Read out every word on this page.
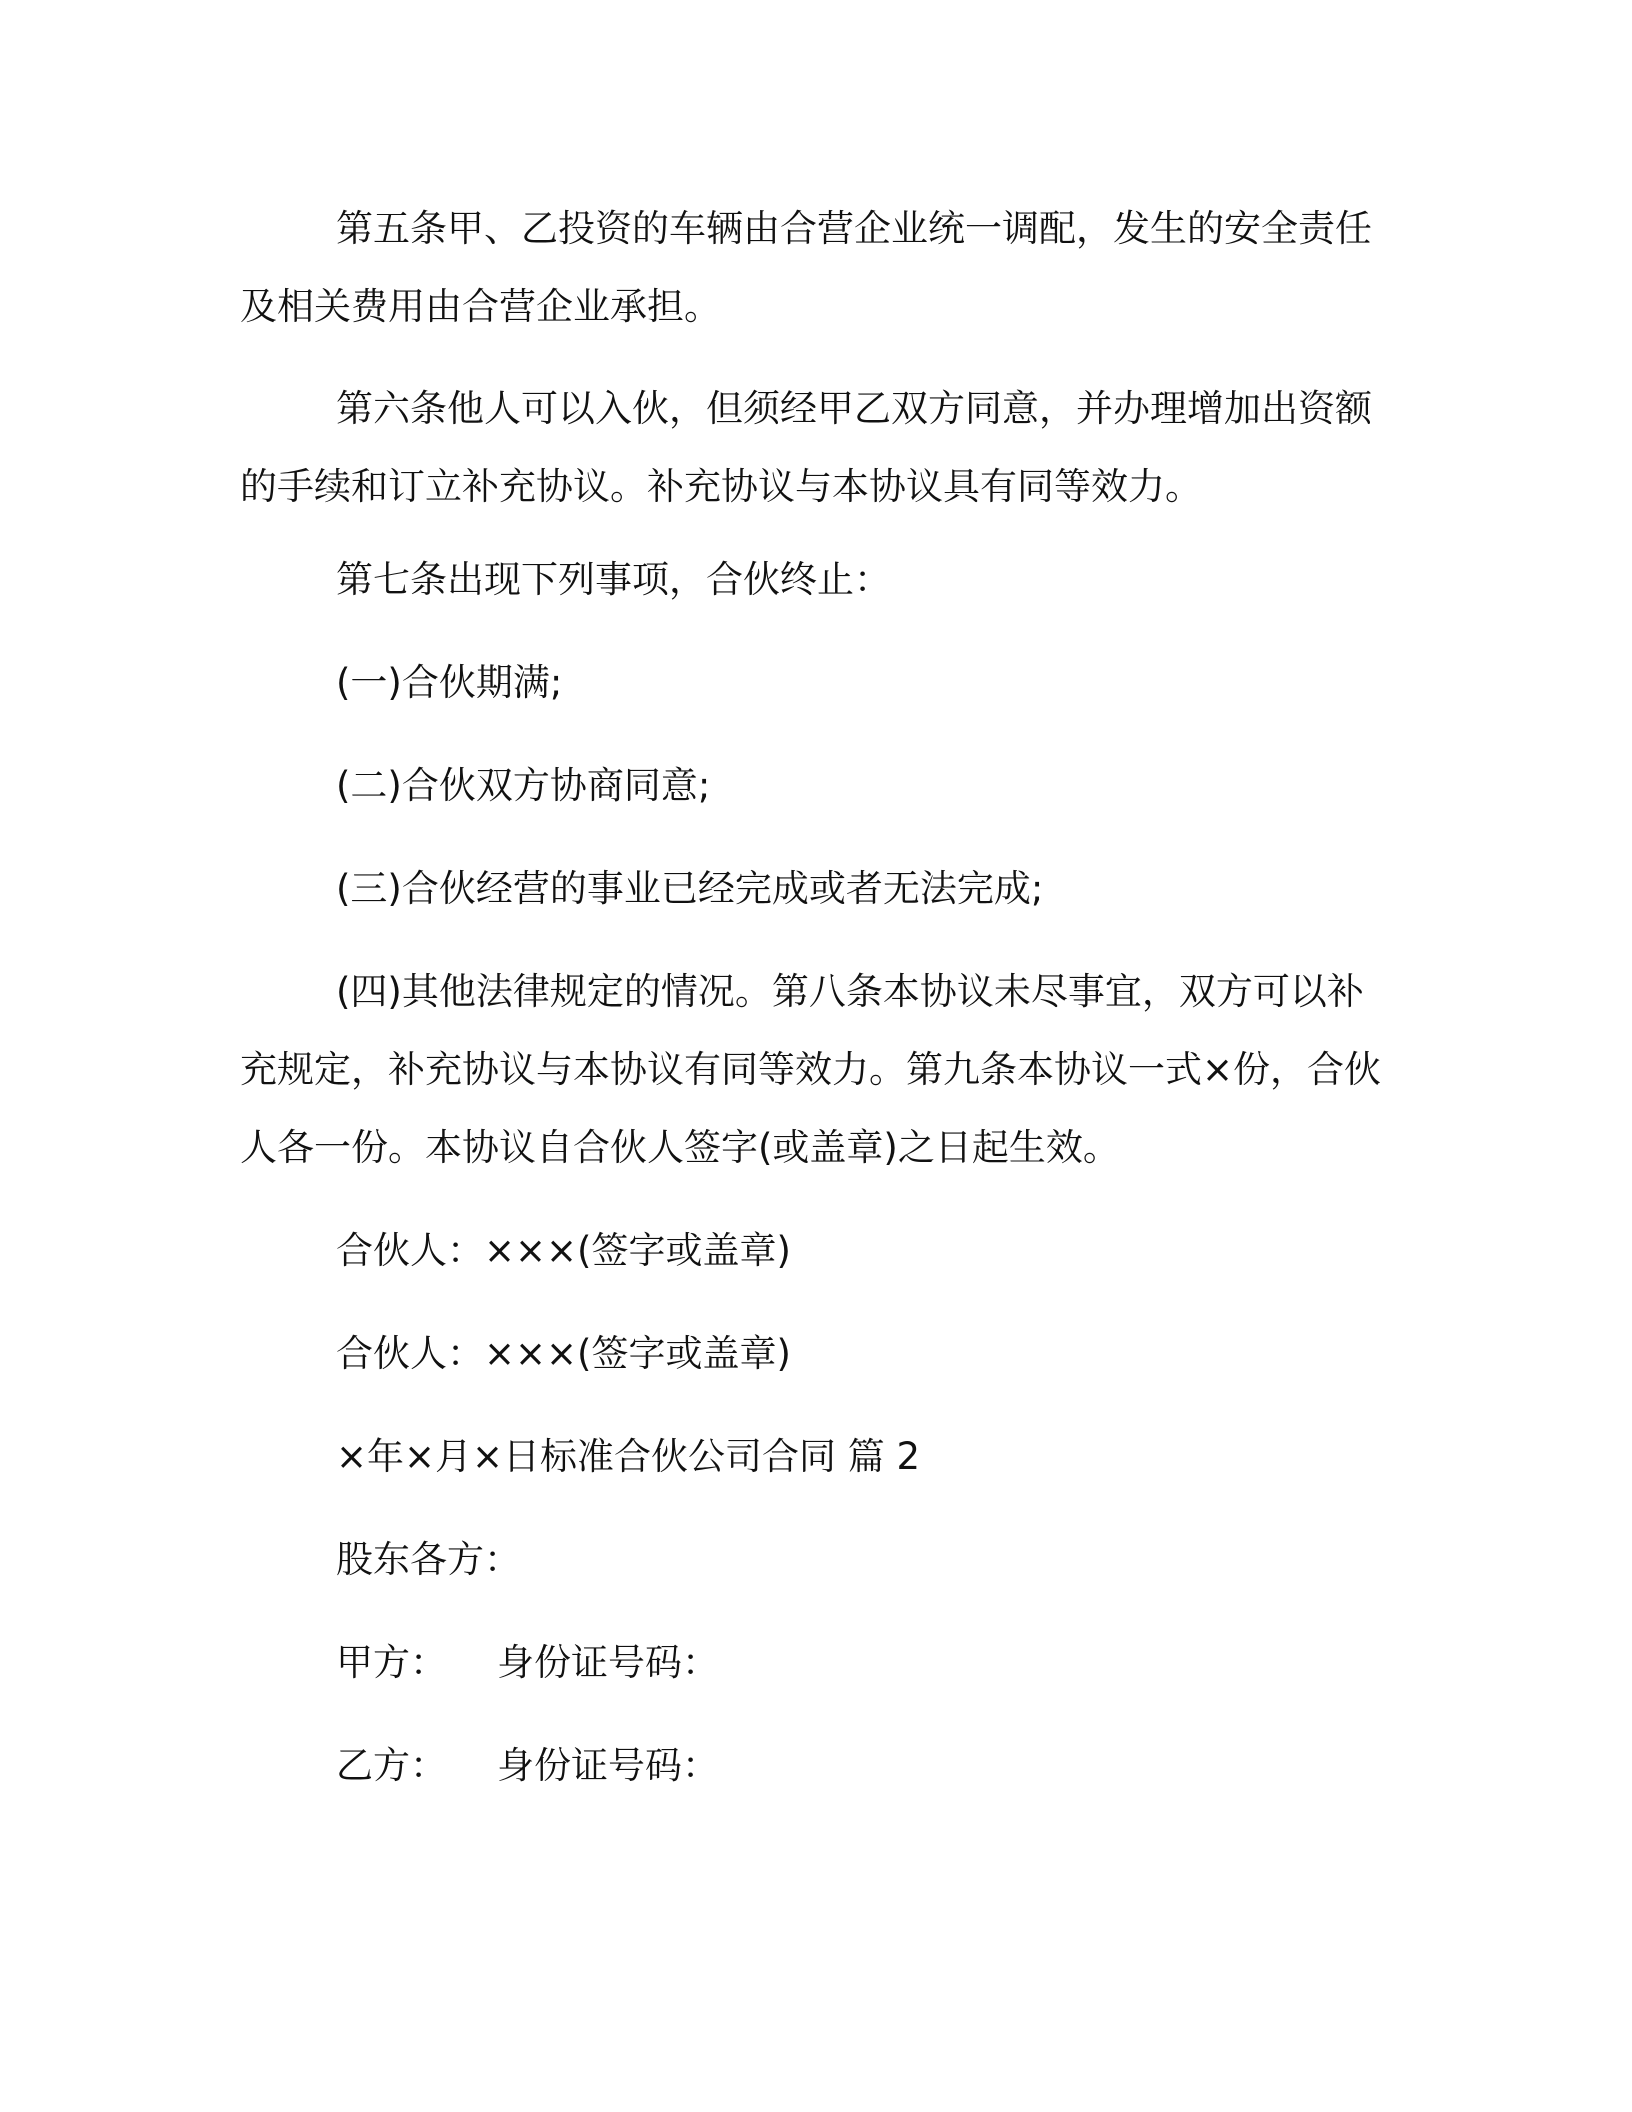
第五条甲、乙投资的车辆由合营企业统一调配，发生的安全责任及相关费用由合营企业承担。

第六条他人可以入伙，但须经甲乙双方同意，并办理增加出资额的手续和订立补充协议。补充协议与本协议具有同等效力。

第七条出现下列事项，合伙终止：

(一)合伙期满;

(二)合伙双方协商同意;

(三)合伙经营的事业已经完成或者无法完成;

(四)其他法律规定的情况。第八条本协议未尽事宜，双方可以补充规定，补充协议与本协议有同等效力。第九条本协议一式×份，合伙人各一份。本协议自合伙人签字(或盖章)之日起生效。

合伙人：×××(签字或盖章)

合伙人：×××(签字或盖章)

×年×月×日标准合伙公司合同 篇 2

股东各方：

甲方： 身份证号码：

乙方： 身份证号码：
